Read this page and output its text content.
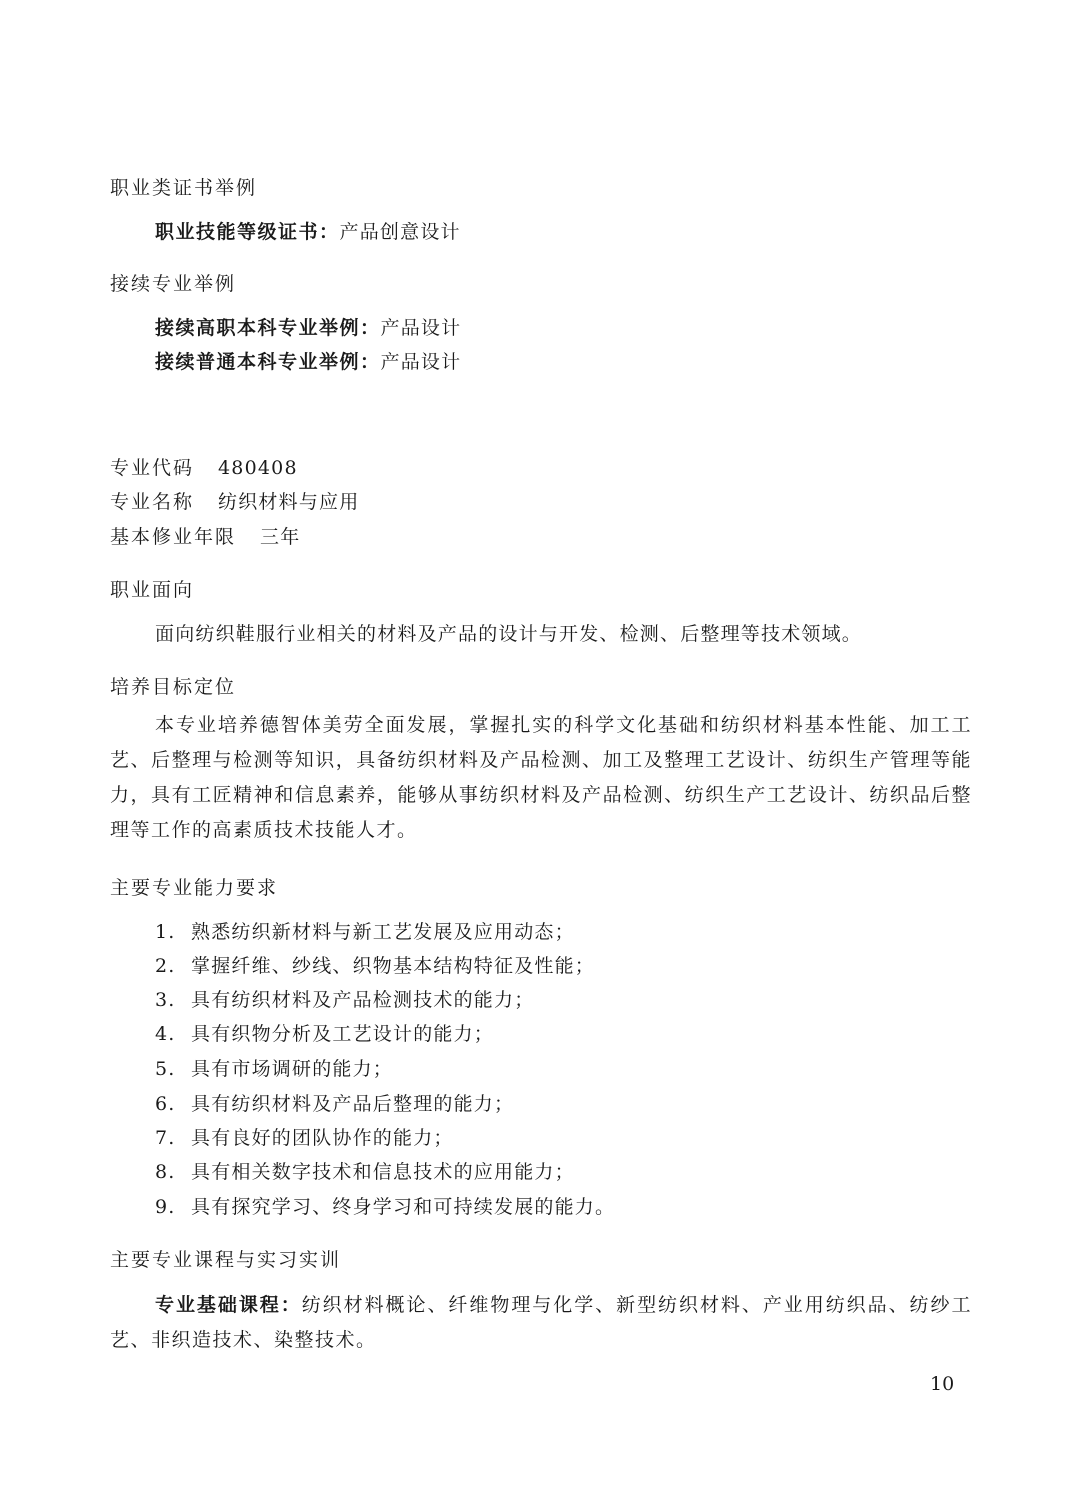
职业类证书举例
职业技能等级证书：产品创意设计
接续专业举例
接续高职本科专业举例：产品设计
接续普通本科专业举例：产品设计
专业代码 480408
专业名称 纺织材料与应用
基本修业年限 三年
职业面向
面向纺织鞋服行业相关的材料及产品的设计与开发、检测、后整理等技术领域。
培养目标定位
本专业培养德智体美劳全面发展，掌握扎实的科学文化基础和纺织材料基本性能、加工工艺、后整理与检测等知识，具备纺织材料及产品检测、加工及整理工艺设计、纺织生产管理等能力，具有工匠精神和信息素养，能够从事纺织材料及产品检测、纺织生产工艺设计、纺织品后整理等工作的高素质技术技能人才。
主要专业能力要求
1. 熟悉纺织新材料与新工艺发展及应用动态；
2. 掌握纤维、纱线、织物基本结构特征及性能；
3. 具有纺织材料及产品检测技术的能力；
4. 具有织物分析及工艺设计的能力；
5. 具有市场调研的能力；
6. 具有纺织材料及产品后整理的能力；
7. 具有良好的团队协作的能力；
8. 具有相关数字技术和信息技术的应用能力；
9. 具有探究学习、终身学习和可持续发展的能力。
主要专业课程与实习实训
专业基础课程：纺织材料概论、纤维物理与化学、新型纺织材料、产业用纺织品、纺纱工艺、非织造技术、染整技术。
10
